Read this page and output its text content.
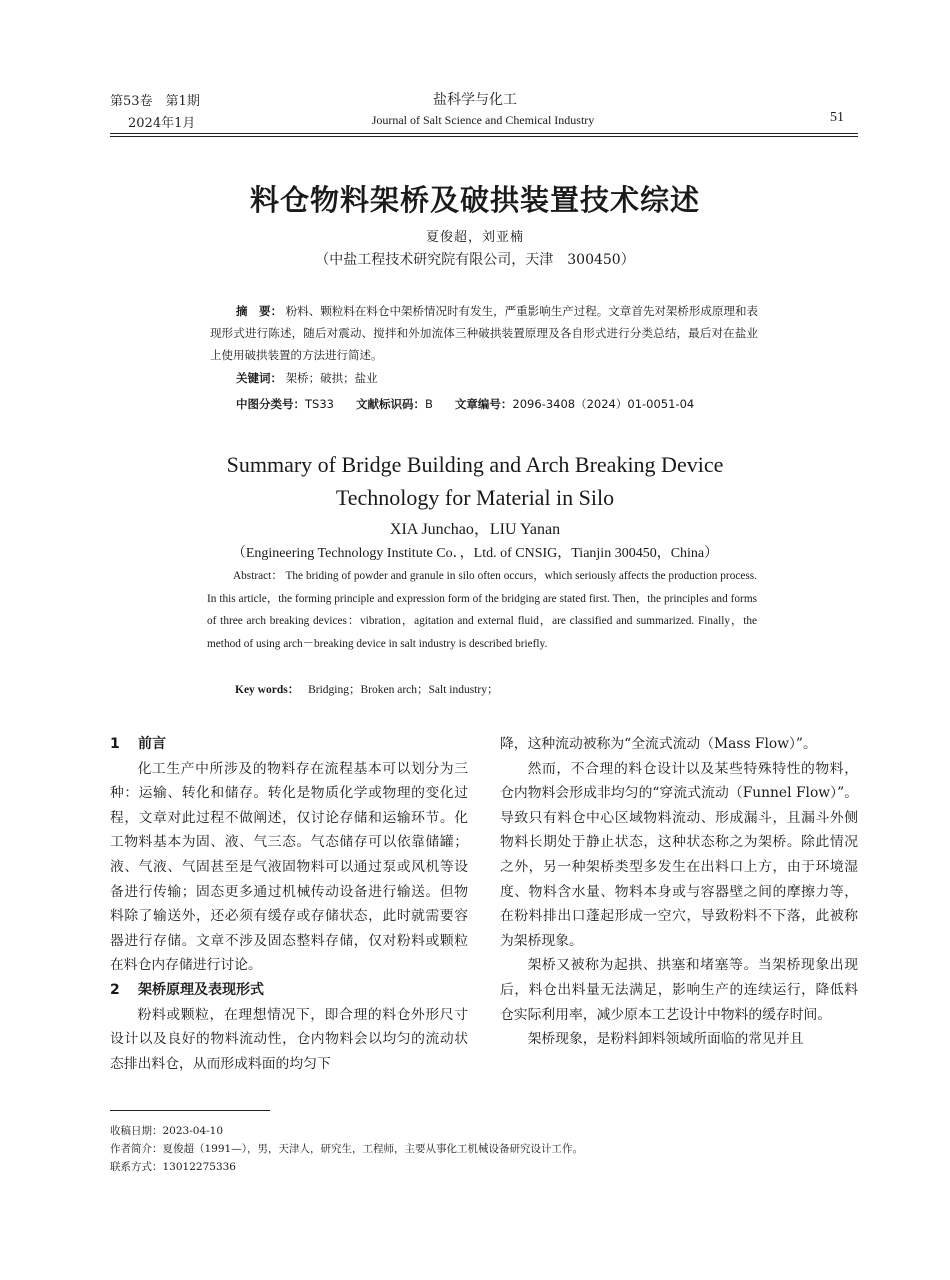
第53卷　第1期
2024年1月
盐科学与化工
Journal of Salt Science and Chemical Industry	51
料仓物料架桥及破拱装置技术综述
夏俊超，刘亚楠
（中盐工程技术研究院有限公司，天津　300450）
摘　要： 粉料、颗粒料在料仓中架桥情况时有发生，严重影响生产过程。文章首先对架桥形成原理和表现形式进行陈述，随后对震动、搅拌和外加流体三种破拱装置原理及各自形式进行分类总结，最后对在盐业上使用破拱装置的方法进行简述。
关键词： 架桥；破拱；盐业
中图分类号：TS33 文献标识码：B 文章编号：2096-3408（2024）01-0051-04
Summary of Bridge Building and Arch Breaking Device
Technology for Material in Silo
XIA Junchao，LIU Yanan
（Engineering Technology Institute Co．，Ltd. of CNSIG，Tianjin 300450，China）
Abstract： The briding of powder and granule in silo often occurs，which seriously affects the production process. In this article，the forming principle and expression form of the bridging are stated first. Then，the principles and forms of three arch breaking devices：vibration，agitation and external fluid，are classified and summarized. Finally，the method of using arch－breaking device in salt industry is described briefly.
Key words： Bridging；Broken arch；Salt industry；
1 前言

化工生产中所涉及的物料存在流程基本可以划分为三种：运输、转化和储存。转化是物质化学或物理的变化过程，文章对此过程不做阐述，仅讨论存储和运输环节。化工物料基本为固、液、气三态。气态储存可以依靠储罐；液、气液、气固甚至是气液固物料可以通过泵或风机等设备进行传输；固态更多通过机械传动设备进行输送。但物料除了输送外，还必须有缓存或存储状态，此时就需要容器进行存储。文章不涉及固态整料存储，仅对粉料或颗粒在料仓内存储进行讨论。

2 架桥原理及表现形式

粉料或颗粒，在理想情况下，即合理的料仓外形尺寸设计以及良好的物料流动性，仓内物料会以均匀的流动状态排出料仓，从而形成料面的均匀下

降，这种流动被称为“全流式流动（Mass Flow）”。

然而，不合理的料仓设计以及某些特殊特性的物料，仓内物料会形成非均匀的“穿流式流动（Funnel Flow）”。导致只有料仓中心区域物料流动、形成漏斗，且漏斗外侧物料长期处于静止状态，这种状态称之为架桥。除此情况之外，另一种架桥类型多发生在出料口上方，由于环境湿度、物料含水量、物料本身或与容器壁之间的摩擦力等，在粉料排出口蓬起形成一空穴，导致粉料不下落，此被称为架桥现象。

架桥又被称为起拱、拱塞和堵塞等。当架桥现象出现后，料仓出料量无法满足，影响生产的连续运行，降低料仓实际利用率，减少原本工艺设计中物料的缓存时间。

架桥现象，是粉料卸料领域所面临的常见并且

收稿日期：2023-04-10
作者简介：夏俊超（1991—），男，天津人，研究生，工程师，主要从事化工机械设备研究设计工作。
联系方式：13012275336
